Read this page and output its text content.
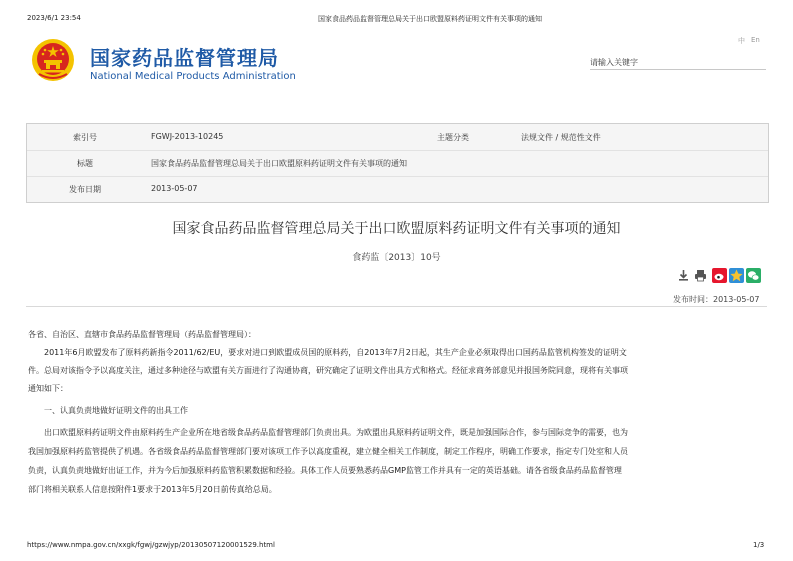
2023/6/1 23:54	国家食品药品监督管理总局关于出口欧盟原料药证明文件有关事项的通知
国家药品监督管理局
National Medical Products Administration
中 En
请输入关键字
索引号	FGWJ-2013-10245	主题分类	法规文件 / 规范性文件
标题	国家食品药品监督管理总局关于出口欧盟原料药证明文件有关事项的通知
发布日期	2013-05-07
国家食品药品监督管理总局关于出口欧盟原料药证明文件有关事项的通知
食药监〔2013〕10号
发布时间：2013-05-07
各省、自治区、直辖市食品药品监督管理局（药品监督管理局）：
　　2011年6月欧盟发布了原料药新指令2011/62/EU，要求对进口到欧盟成员国的原料药，自2013年7月2日起，其生产企业必须取得出口国药品监管机构签发的证明文
件。总局对该指令予以高度关注，通过多种途径与欧盟有关方面进行了沟通协商，研究确定了证明文件出具方式和格式。经征求商务部意见并报国务院同意，现将有关事项
通知如下：
　　一、认真负责地做好证明文件的出具工作
　　出口欧盟原料药证明文件由原料药生产企业所在地省级食品药品监督管理部门负责出具。为欧盟出具原料药证明文件，既是加强国际合作，参与国际竞争的需要，也为
我国加强原料药监管提供了机遇。各省级食品药品监督管理部门要对该项工作予以高度重视，建立健全相关工作制度，制定工作程序，明确工作要求，指定专门处室和人员
负责，认真负责地做好出证工作，并为今后加强原料药监管积累数据和经验。具体工作人员要熟悉药品GMP监管工作并具有一定的英语基础。请各省级食品药品监督管理
部门将相关联系人信息按附件1要求于2013年5月20日前传真给总局。
https://www.nmpa.gov.cn/xxgk/fgwj/gzwjyp/20130507120001529.html	1/3
